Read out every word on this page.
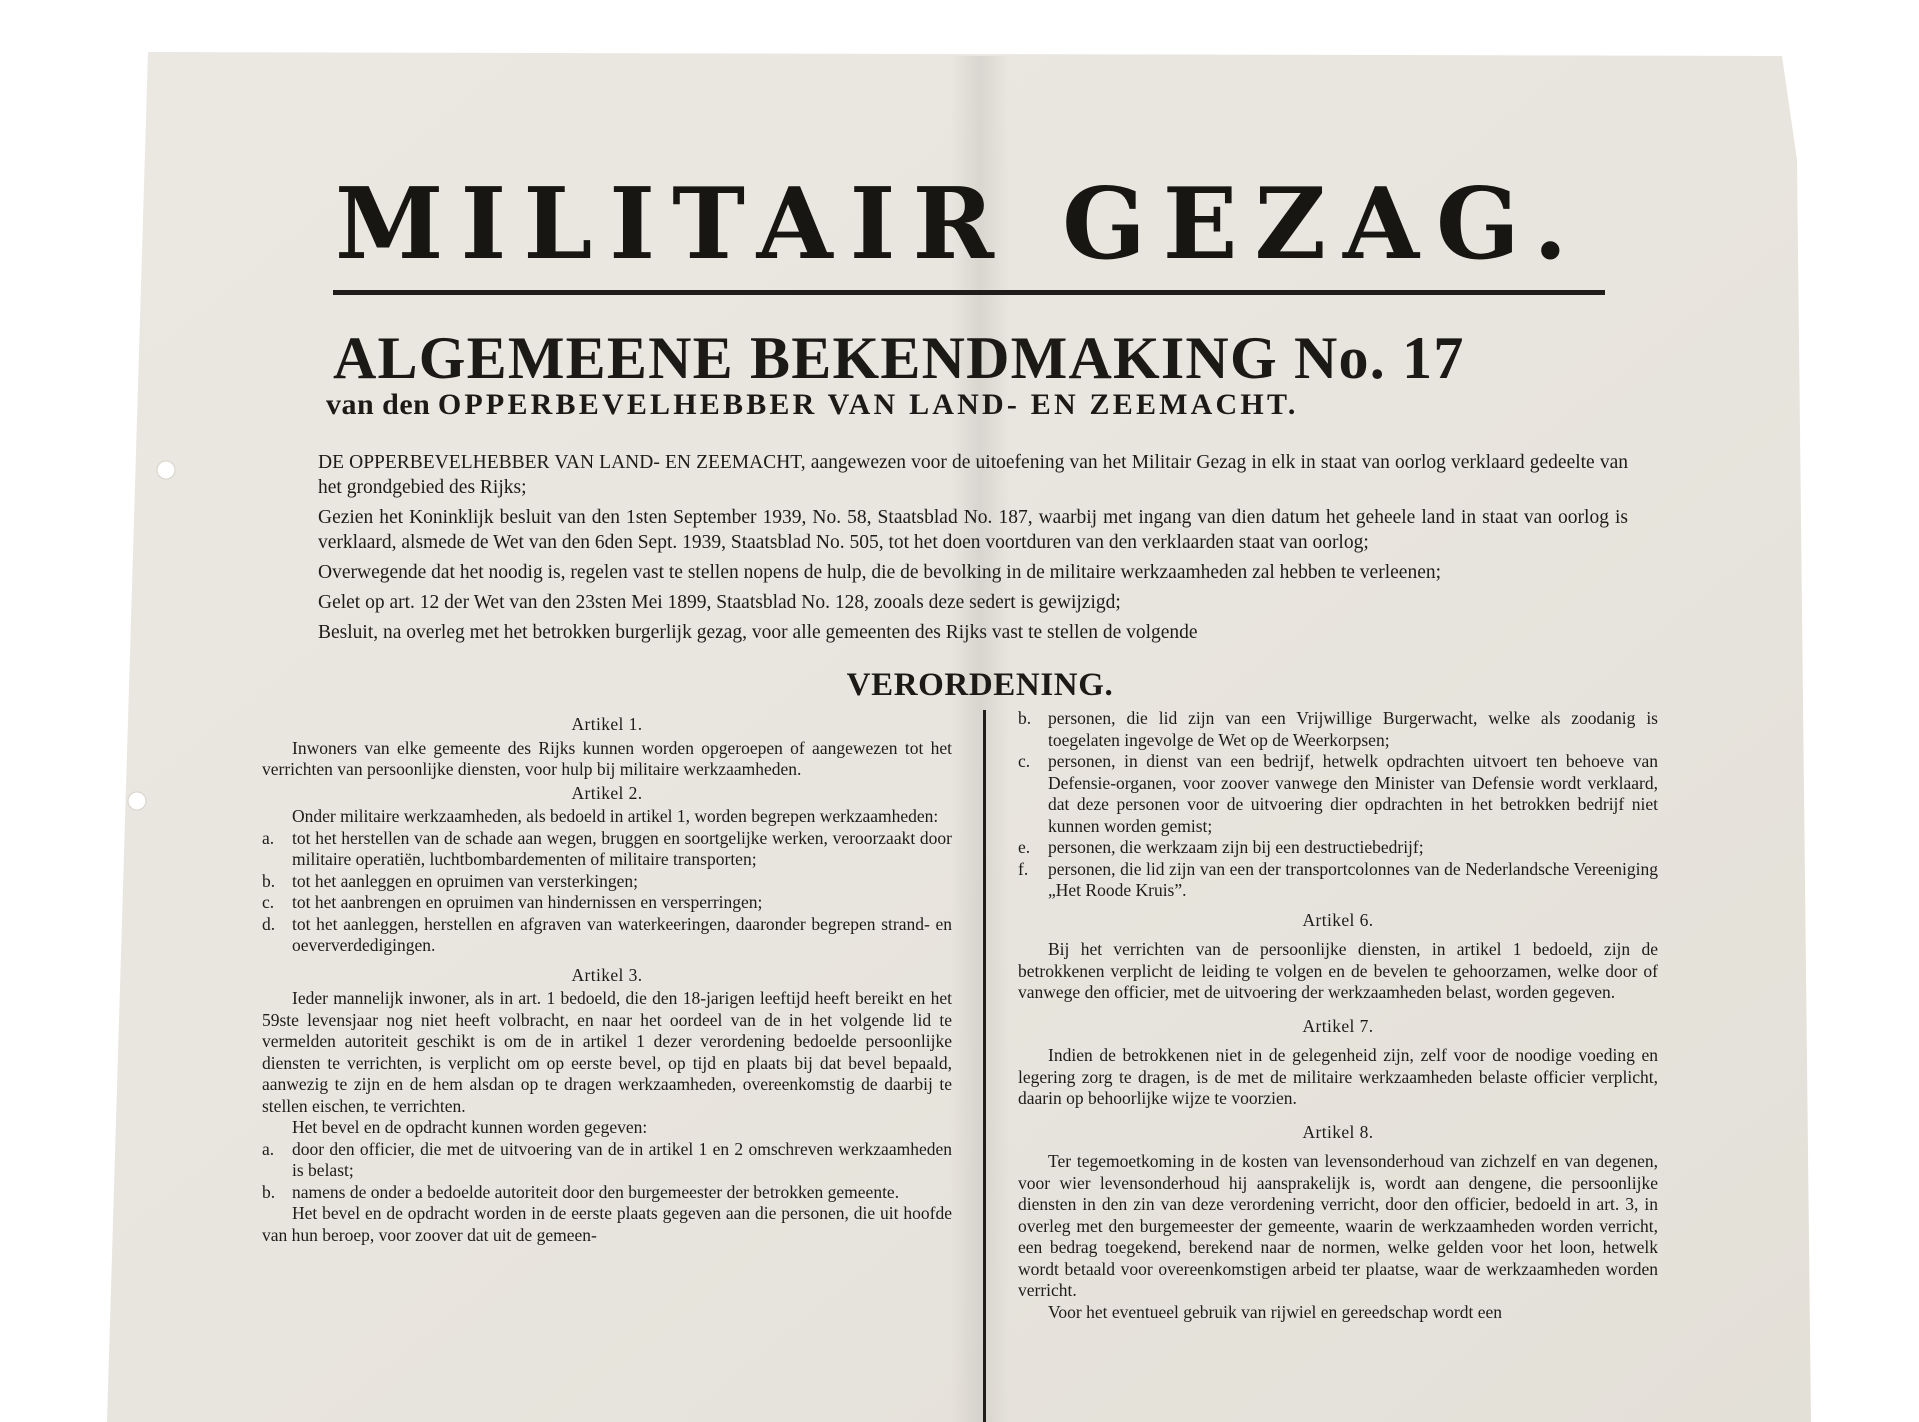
MILITAIR GEZAG.
ALGEMEENE BEKENDMAKING No. 17
van den OPPERBEVELHEBBER VAN LAND- EN ZEEMACHT.

DE OPPERBEVELHEBBER VAN LAND- EN ZEEMACHT, aangewezen voor de uitoefening van het Militair Gezag in elk in staat van oorlog verklaard gedeelte van het grondgebied des Rijks;

Gezien het Koninklijk besluit van den 1sten September 1939, No. 58, Staatsblad No. 187, waarbij met ingang van dien datum het geheele land in staat van oorlog is verklaard, alsmede de Wet van den 6den Sept. 1939, Staatsblad No. 505, tot het doen voortduren van den verklaarden staat van oorlog;

Overwegende dat het noodig is, regelen vast te stellen nopens de hulp, die de bevolking in de militaire werkzaamheden zal hebben te verleenen;

Gelet op art. 12 der Wet van den 23sten Mei 1899, Staatsblad No. 128, zooals deze sedert is gewijzigd;

Besluit, na overleg met het betrokken burgerlijk gezag, voor alle gemeenten des Rijks vast te stellen de volgende

VERORDENING.
Artikel 1.

Inwoners van elke gemeente des Rijks kunnen worden opgeroepen of aangewezen tot het verrichten van persoonlijke diensten, voor hulp bij militaire werkzaamheden.

Artikel 2.

Onder militaire werkzaamheden, als bedoeld in artikel 1, worden begrepen werkzaamheden:

a. tot het herstellen van de schade aan wegen, bruggen en soortgelijke werken, veroorzaakt door militaire operatiën, luchtbombardementen of militaire transporten;
b. tot het aanleggen en opruimen van versterkingen;
c. tot het aanbrengen en opruimen van hindernissen en versperringen;
d. tot het aanleggen, herstellen en afgraven van waterkeeringen, daaronder begrepen strand- en oeververdedigingen.
Artikel 3.

Ieder mannelijk inwoner, als in art. 1 bedoeld, die den 18-jarigen leeftijd heeft bereikt en het 59ste levensjaar nog niet heeft volbracht, en naar het oordeel van de in het volgende lid te vermelden autoriteit geschikt is om de in artikel 1 dezer verordening bedoelde persoonlijke diensten te verrichten, is verplicht om op eerste bevel, op tijd en plaats bij dat bevel bepaald, aanwezig te zijn en de hem alsdan op te dragen werkzaamheden, overeenkomstig de daarbij te stellen eischen, te verrichten.

Het bevel en de opdracht kunnen worden gegeven:

a. door den officier, die met de uitvoering van de in artikel 1 en 2 omschreven werkzaamheden is belast;
b. namens de onder a bedoelde autoriteit door den burgemeester der betrokken gemeente.

Het bevel en de opdracht worden in de eerste plaats gegeven aan die personen, die uit hoofde van hun beroep, voor zoover dat uit de gemeen-

b. personen, die lid zijn van een Vrijwillige Burgerwacht, welke als zoodanig is toegelaten ingevolge de Wet op de Weerkorpsen;
c. personen, in dienst van een bedrijf, hetwelk opdrachten uitvoert ten behoeve van Defensie-organen, voor zoover vanwege den Minister van Defensie wordt verklaard, dat deze personen voor de uitvoering dier opdrachten in het betrokken bedrijf niet kunnen worden gemist;
e. personen, die werkzaam zijn bij een destructiebedrijf;
f. personen, die lid zijn van een der transportcolonnes van de Nederlandsche Vereeniging „Het Roode Kruis”.
Artikel 6.

Bij het verrichten van de persoonlijke diensten, in artikel 1 bedoeld, zijn de betrokkenen verplicht de leiding te volgen en de bevelen te gehoorzamen, welke door of vanwege den officier, met de uitvoering der werkzaamheden belast, worden gegeven.

Artikel 7.

Indien de betrokkenen niet in de gelegenheid zijn, zelf voor de noodige voeding en legering zorg te dragen, is de met de militaire werkzaamheden belaste officier verplicht, daarin op behoorlijke wijze te voorzien.

Artikel 8.

Ter tegemoetkoming in de kosten van levensonderhoud van zichzelf en van degenen, voor wier levensonderhoud hij aansprakelijk is, wordt aan dengene, die persoonlijke diensten in den zin van deze verordening verricht, door den officier, bedoeld in art. 3, in overleg met den burgemeester der gemeente, waarin de werkzaamheden worden verricht, een bedrag toegekend, berekend naar de normen, welke gelden voor het loon, hetwelk wordt betaald voor overeenkomstigen arbeid ter plaatse, waar de werkzaamheden worden verricht.

Voor het eventueel gebruik van rijwiel en gereedschap wordt een
